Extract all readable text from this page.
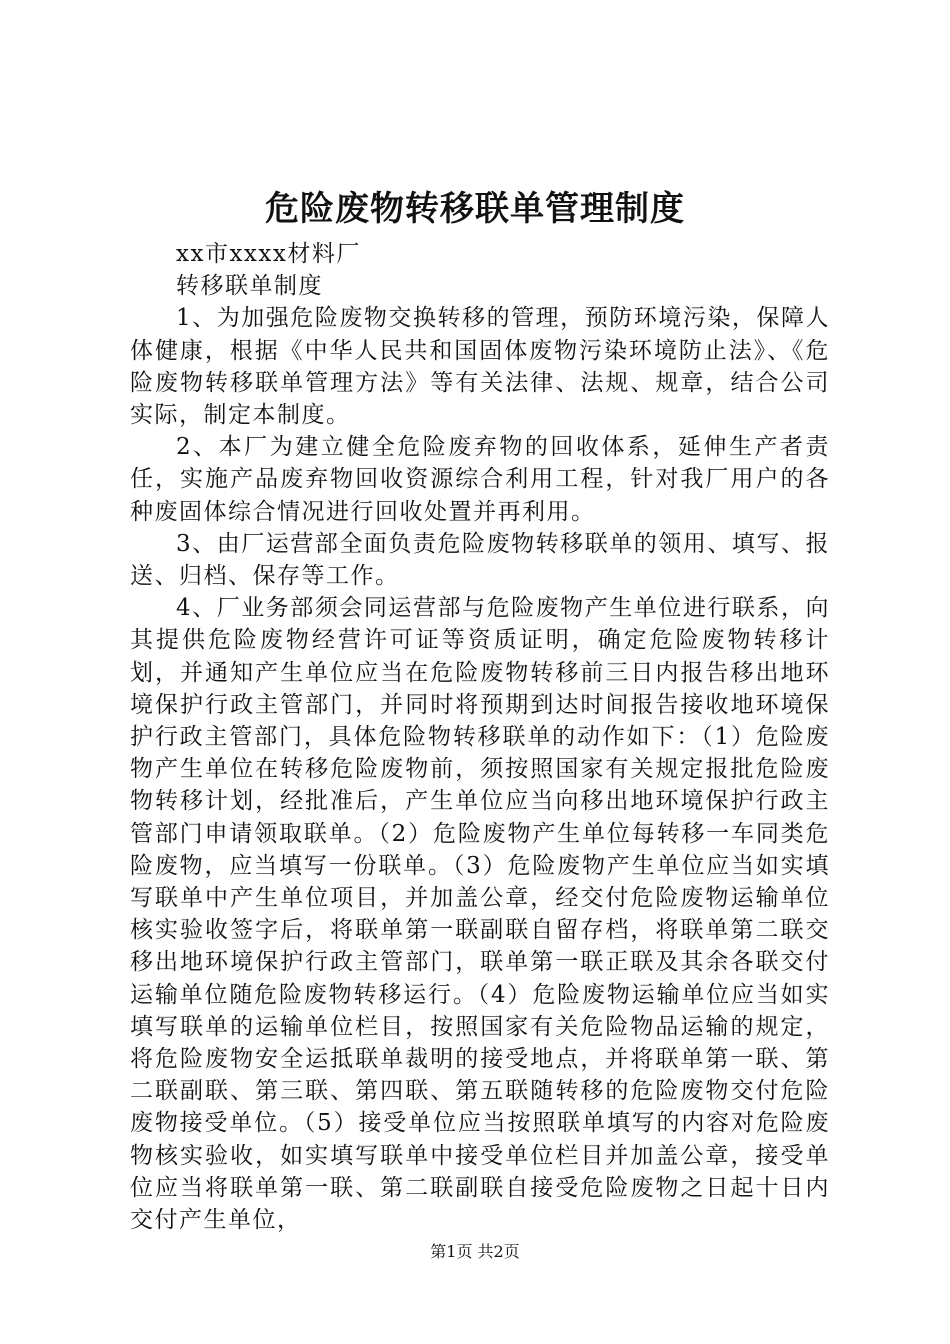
危险废物转移联单管理制度

xx市xxxx材料厂

转移联单制度

1、为加强危险废物交换转移的管理，预防环境污染，保障人体健康，根据《中华人民共和国固体废物污染环境防止法》、《危险废物转移联单管理方法》等有关法律、法规、规章，结合公司实际，制定本制度。

2、本厂为建立健全危险废弃物的回收体系，延伸生产者责任，实施产品废弃物回收资源综合利用工程，针对我厂用户的各种废固体综合情况进行回收处置并再利用。

3、由厂运营部全面负责危险废物转移联单的领用、填写、报送、归档、保存等工作。

4、厂业务部须会同运营部与危险废物产生单位进行联系，向其提供危险废物经营许可证等资质证明，确定危险废物转移计划，并通知产生单位应当在危险废物转移前三日内报告移出地环境保护行政主管部门，并同时将预期到达时间报告接收地环境保护行政主管部门，具体危险物转移联单的动作如下：（1）危险废物产生单位在转移危险废物前，须按照国家有关规定报批危险废物转移计划，经批准后，产生单位应当向移出地环境保护行政主管部门申请领取联单。（2）危险废物产生单位每转移一车同类危险废物，应当填写一份联单。（3）危险废物产生单位应当如实填写联单中产生单位项目，并加盖公章，经交付危险废物运输单位核实验收签字后，将联单第一联副联自留存档，将联单第二联交移出地环境保护行政主管部门，联单第一联正联及其余各联交付运输单位随危险废物转移运行。（4）危险废物运输单位应当如实填写联单的运输单位栏目，按照国家有关危险物品运输的规定，将危险废物安全运抵联单裁明的接受地点，并将联单第一联、第二联副联、第三联、第四联、第五联随转移的危险废物交付危险废物接受单位。（5）接受单位应当按照联单填写的内容对危险废物核实验收，如实填写联单中接受单位栏目并加盖公章，接受单位应当将联单第一联、第二联副联自接受危险废物之日起十日内交付产生单位，

第1页 共2页
